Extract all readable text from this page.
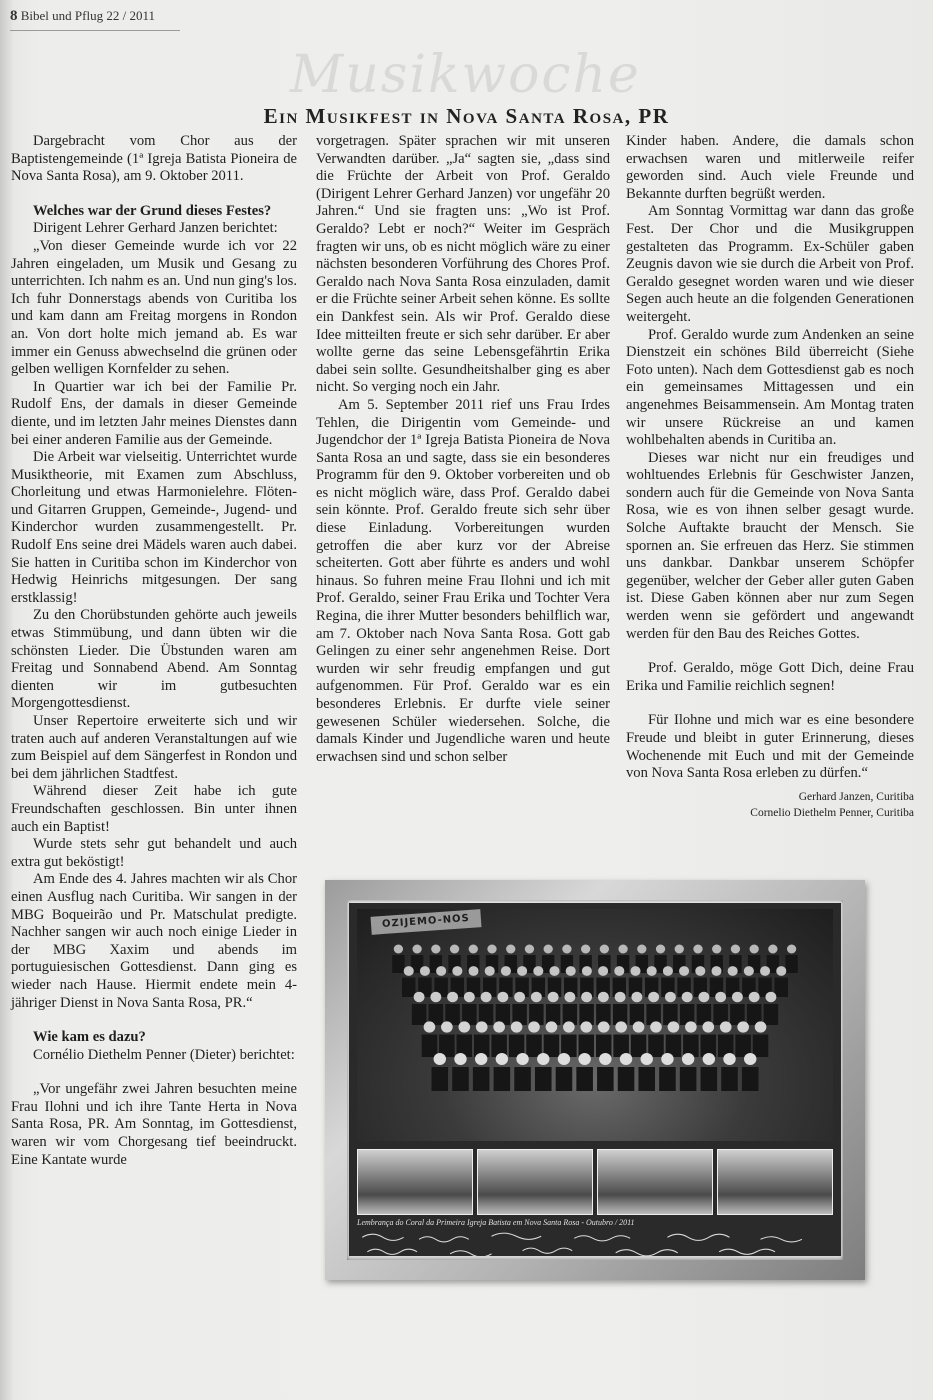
8 Bibel und Pflug 22 / 2011
Musikwoche
Ein Musikfest in Nova Santa Rosa, PR

Dargebracht vom Chor aus der Baptistengemeinde (1ª Igreja Batista Pioneira de Nova Santa Rosa), am 9. Oktober 2011.

Welches war der Grund dieses Festes?

Dirigent Lehrer Gerhard Janzen berichtet:

„Von dieser Gemeinde wurde ich vor 22 Jahren eingeladen, um Musik und Gesang zu unterrichten. Ich nahm es an. Und nun ging's los. Ich fuhr Donnerstags abends von Curitiba los und kam dann am Freitag morgens in Rondon an. Von dort holte mich jemand ab. Es war immer ein Genuss abwechselnd die grünen oder gelben welligen Kornfelder zu sehen.

In Quartier war ich bei der Familie Pr. Rudolf Ens, der damals in dieser Gemeinde diente, und im letzten Jahr meines Dienstes dann bei einer anderen Familie aus der Gemeinde.

Die Arbeit war vielseitig. Unterrichtet wurde Musiktheorie, mit Examen zum Abschluss, Chorleitung und etwas Harmonielehre. Flöten- und Gitarren Gruppen, Gemeinde-, Jugend- und Kinderchor wurden zusammengestellt. Pr. Rudolf Ens seine drei Mädels waren auch dabei. Sie hatten in Curitiba schon im Kinderchor von Hedwig Heinrichs mitgesungen. Der sang erstklassig!

Zu den Chorübstunden gehörte auch jeweils etwas Stimmübung, und dann übten wir die schönsten Lieder. Die Übstunden waren am Freitag und Sonnabend Abend. Am Sonntag dienten wir im gutbesuchten Morgengottesdienst.

Unser Repertoire erweiterte sich und wir traten auch auf anderen Veranstaltungen auf wie zum Beispiel auf dem Sängerfest in Rondon und bei dem jährlichen Stadtfest.

Während dieser Zeit habe ich gute Freundschaften geschlossen. Bin unter ihnen auch ein Baptist!

Wurde stets sehr gut behandelt und auch extra gut beköstigt!

Am Ende des 4. Jahres machten wir als Chor einen Ausflug nach Curitiba. Wir sangen in der MBG Boqueirão und Pr. Matschulat predigte. Nachher sangen wir auch noch einige Lieder in der MBG Xaxim und abends im portuguiesischen Gottesdienst. Dann ging es wieder nach Hause. Hiermit endete mein 4-jähriger Dienst in Nova Santa Rosa, PR.“

Wie kam es dazu?

Cornélio Diethelm Penner (Dieter) berichtet:

„Vor ungefähr zwei Jahren besuchten meine Frau Ilohni und ich ihre Tante Herta in Nova Santa Rosa, PR. Am Sonntag, im Gottesdienst, waren wir vom Chorgesang tief beeindruckt. Eine Kantate wurde

vorgetragen. Später sprachen wir mit unseren Verwandten darüber. „Ja“ sagten sie, „dass sind die Früchte der Arbeit von Prof. Geraldo (Dirigent Lehrer Gerhard Janzen) vor ungefähr 20 Jahren.“ Und sie fragten uns: „Wo ist Prof. Geraldo? Lebt er noch?“ Weiter im Gespräch fragten wir uns, ob es nicht möglich wäre zu einer nächsten besonderen Vorführung des Chores Prof. Geraldo nach Nova Santa Rosa einzuladen, damit er die Früchte seiner Arbeit sehen könne. Es sollte ein Dankfest sein. Als wir Prof. Geraldo diese Idee mitteilten freute er sich sehr darüber. Er aber wollte gerne das seine Lebensgefährtin Erika dabei sein sollte. Gesundheitshalber ging es aber nicht. So verging noch ein Jahr.

Am 5. September 2011 rief uns Frau Irdes Tehlen, die Dirigentin vom Gemeinde- und Jugendchor der 1ª Igreja Batista Pioneira de Nova Santa Rosa an und sagte, dass sie ein besonderes Programm für den 9. Oktober vorbereiten und ob es nicht möglich wäre, dass Prof. Geraldo dabei sein könnte. Prof. Geraldo freute sich sehr über diese Einladung. Vorbereitungen wurden getroffen die aber kurz vor der Abreise scheiterten. Gott aber führte es anders und wohl hinaus. So fuhren meine Frau Ilohni und ich mit Prof. Geraldo, seiner Frau Erika und Tochter Vera Regina, die ihrer Mutter besonders behilflich war, am 7. Oktober nach Nova Santa Rosa. Gott gab Gelingen zu einer sehr angenehmen Reise. Dort wurden wir sehr freudig empfangen und gut aufgenommen. Für Prof. Geraldo war es ein besonderes Erlebnis. Er durfte viele seiner gewesenen Schüler wiedersehen. Solche, die damals Kinder und Jugendliche waren und heute erwachsen sind und schon selber

Kinder haben. Andere, die damals schon erwachsen waren und mitlerweile reifer geworden sind. Auch viele Freunde und Bekannte durften begrüßt werden.

Am Sonntag Vormittag war dann das große Fest. Der Chor und die Musikgruppen gestalteten das Programm. Ex-Schüler gaben Zeugnis davon wie sie durch die Arbeit von Prof. Geraldo gesegnet worden waren und wie dieser Segen auch heute an die folgenden Generationen weitergeht.

Prof. Geraldo wurde zum Andenken an seine Dienstzeit ein schönes Bild überreicht (Siehe Foto unten). Nach dem Gottesdienst gab es noch ein gemeinsames Mittagessen und ein angenehmes Beisammensein. Am Montag traten wir unsere Rückreise an und kamen wohlbehalten abends in Curitiba an.

Dieses war nicht nur ein freudiges und wohltuendes Erlebnis für Geschwister Janzen, sondern auch für die Gemeinde von Nova Santa Rosa, wie es von ihnen selber gesagt wurde. Solche Auftakte braucht der Mensch. Sie spornen an. Sie erfreuen das Herz. Sie stimmen uns dankbar. Dankbar unserem Schöpfer gegenüber, welcher der Geber aller guten Gaben ist. Diese Gaben können aber nur zum Segen werden wenn sie gefördert und angewandt werden für den Bau des Reiches Gottes.

Prof. Geraldo, möge Gott Dich, deine Frau Erika und Familie reichlich segnen!

Für Ilohne und mich war es eine besondere Freude und bleibt in guter Erinnerung, dieses Wochenende mit Euch und mit der Gemeinde von Nova Santa Rosa erleben zu dürfen.“

Gerhard Janzen, Curitiba
Cornelio Diethelm Penner, Curitiba
OZIJEMO-NOS
Lembrança do Coral da Primeira Igreja Batista em Nova Santa Rosa - Outubro / 2011
